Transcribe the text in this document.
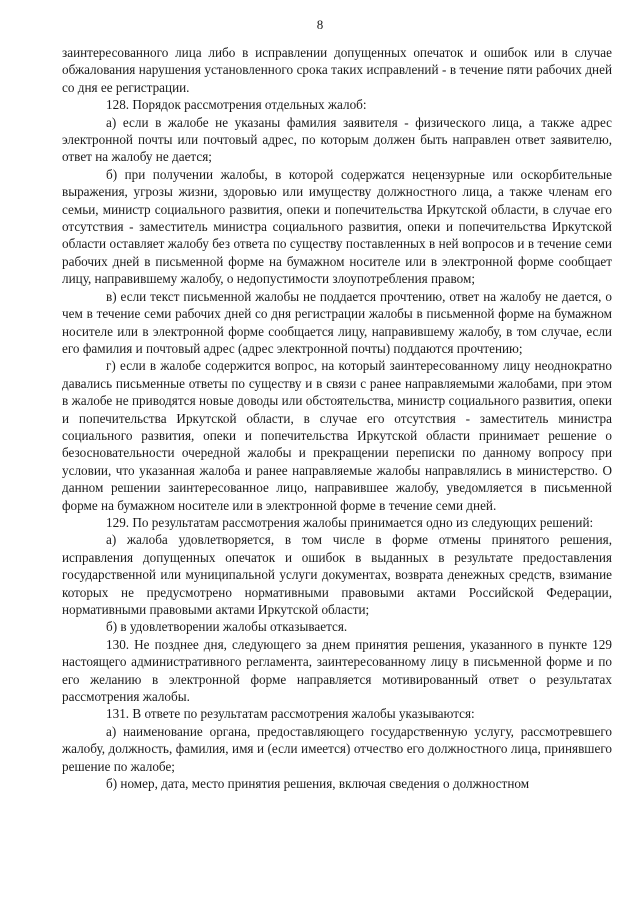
8

заинтересованного лица либо в исправлении допущенных опечаток и ошибок или в случае обжалования нарушения установленного срока таких исправлений - в течение пяти рабочих дней со дня ее регистрации.

128. Порядок рассмотрения отдельных жалоб:

а) если в жалобе не указаны фамилия заявителя - физического лица, а также адрес электронной почты или почтовый адрес, по которым должен быть направлен ответ заявителю, ответ на жалобу не дается;

б) при получении жалобы, в которой содержатся нецензурные или оскорбительные выражения, угрозы жизни, здоровью или имуществу должностного лица, а также членам его семьи, министр социального развития, опеки и попечительства Иркутской области, в случае его отсутствия - заместитель министра социального развития, опеки и попечительства Иркутской области оставляет жалобу без ответа по существу поставленных в ней вопросов и в течение семи рабочих дней в письменной форме на бумажном носителе или в электронной форме сообщает лицу, направившему жалобу, о недопустимости злоупотребления правом;

в) если текст письменной жалобы не поддается прочтению, ответ на жалобу не дается, о чем в течение семи рабочих дней со дня регистрации жалобы в письменной форме на бумажном носителе или в электронной форме сообщается лицу, направившему жалобу, в том случае, если его фамилия и почтовый адрес (адрес электронной почты) поддаются прочтению;

г) если в жалобе содержится вопрос, на который заинтересованному лицу неоднократно давались письменные ответы по существу и в связи с ранее направляемыми жалобами, при этом в жалобе не приводятся новые доводы или обстоятельства, министр социального развития, опеки и попечительства Иркутской области, в случае его отсутствия - заместитель министра социального развития, опеки и попечительства Иркутской области принимает решение о безосновательности очередной жалобы и прекращении переписки по данному вопросу при условии, что указанная жалоба и ранее направляемые жалобы направлялись в министерство. О данном решении заинтересованное лицо, направившее жалобу, уведомляется в письменной форме на бумажном носителе или в электронной форме в течение семи дней.

129. По результатам рассмотрения жалобы принимается одно из следующих решений:

а) жалоба удовлетворяется, в том числе в форме отмены принятого решения, исправления допущенных опечаток и ошибок в выданных в результате предоставления государственной или муниципальной услуги документах, возврата денежных средств, взимание которых не предусмотрено нормативными правовыми актами Российской Федерации, нормативными правовыми актами Иркутской области;

б) в удовлетворении жалобы отказывается.

130. Не позднее дня, следующего за днем принятия решения, указанного в пункте 129 настоящего административного регламента, заинтересованному лицу в письменной форме и по его желанию в электронной форме направляется мотивированный ответ о результатах рассмотрения жалобы.

131. В ответе по результатам рассмотрения жалобы указываются:

а) наименование органа, предоставляющего государственную услугу, рассмотревшего жалобу, должность, фамилия, имя и (если имеется) отчество его должностного лица, принявшего решение по жалобе;

б) номер, дата, место принятия решения, включая сведения о должностном
